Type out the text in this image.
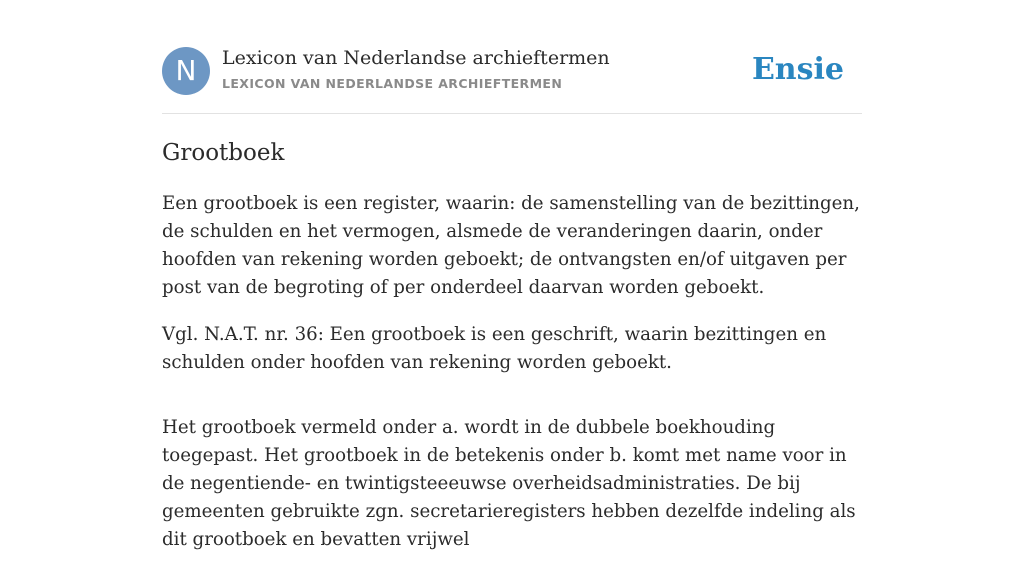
N	Lexicon van Nederlandse archieftermen
LEXICON VAN NEDERLANDSE ARCHIEFTERMEN	Ensie
Grootboek

Een grootboek is een register, waarin: de samenstelling van de bezittingen, de schulden en het vermogen, alsmede de veranderingen daarin, onder hoofden van rekening worden geboekt; de ontvangsten en/of uitgaven per post van de begroting of per onderdeel daarvan worden geboekt.

Vgl. N.A.T. nr. 36: Een grootboek is een geschrift, waarin bezittingen en schulden onder hoofden van rekening worden geboekt.

Het grootboek vermeld onder a. wordt in de dubbele boekhouding toegepast. Het grootboek in de betekenis onder b. komt met name voor in de negentiende- en twintigsteeeuwse overheidsadministraties. De bij gemeenten gebruikte zgn. secretarieregisters hebben dezelfde indeling als dit grootboek en bevatten vrijwel
